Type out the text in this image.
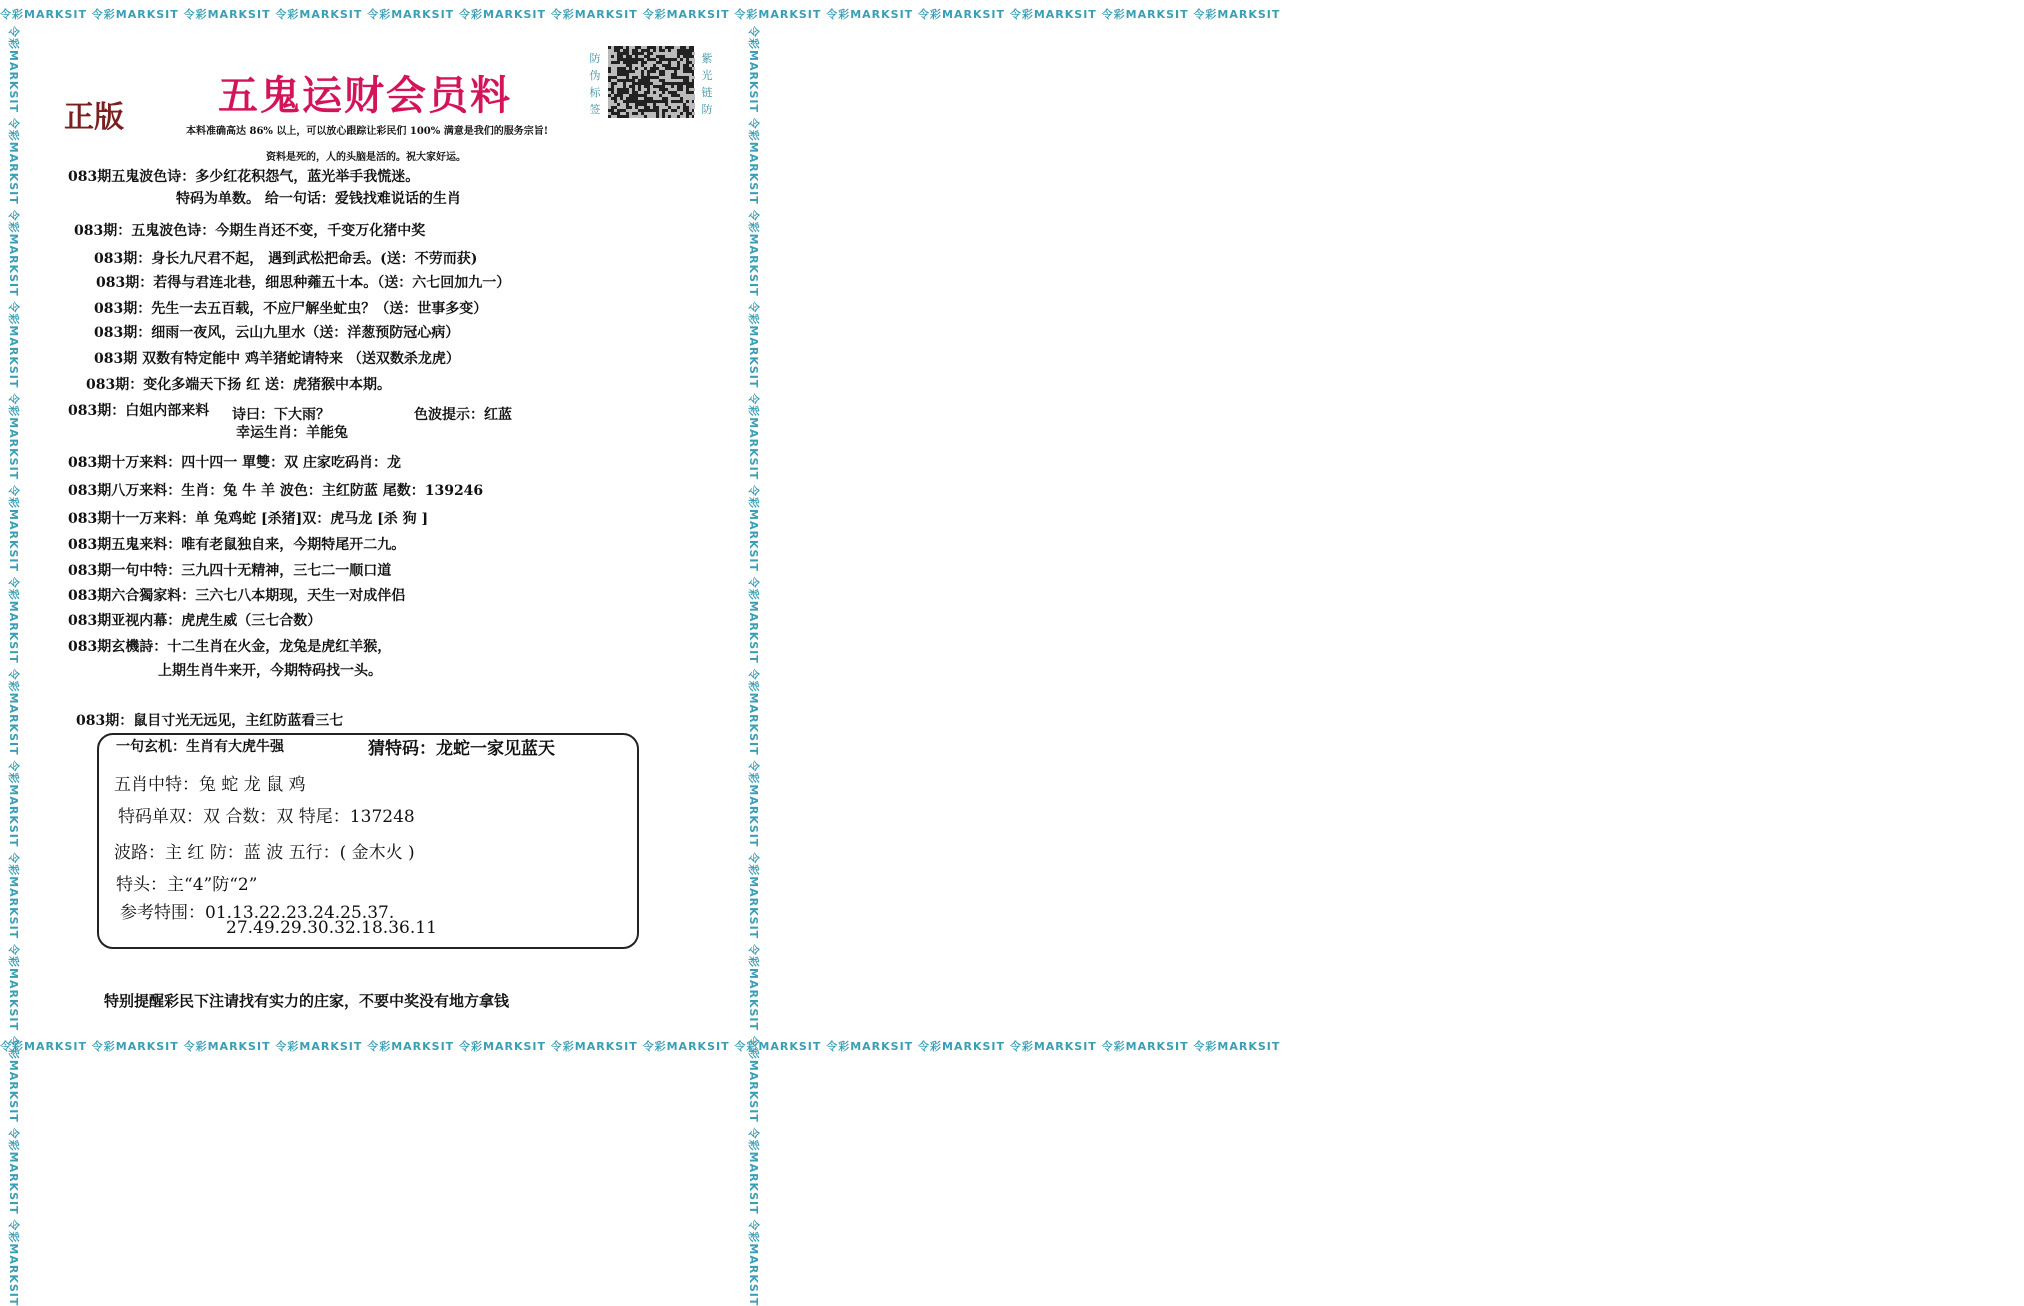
令彩MARKSIT 令彩MARKSIT 令彩MARKSIT 令彩MARKSIT 令彩MARKSIT 令彩MARKSIT 令彩MARKSIT 令彩MARKSIT 令彩MARKSIT 令彩MARKSIT 令彩MARKSIT 令彩MARKSIT 令彩MARKSIT 令彩MARKSIT
令彩MARKSIT 令彩MARKSIT 令彩MARKSIT 令彩MARKSIT 令彩MARKSIT 令彩MARKSIT 令彩MARKSIT 令彩MARKSIT 令彩MARKSIT 令彩MARKSIT 令彩MARKSIT 令彩MARKSIT 令彩MARKSIT 令彩MARKSIT
令彩MARKSIT 令彩MARKSIT 令彩MARKSIT 令彩MARKSIT 令彩MARKSIT 令彩MARKSIT 令彩MARKSIT 令彩MARKSIT 令彩MARKSIT 令彩MARKSIT 令彩MARKSIT 令彩MARKSIT 令彩MARKSIT 令彩MARKSIT	令彩MARKSIT 令彩MARKSIT 令彩MARKSIT 令彩MARKSIT 令彩MARKSIT 令彩MARKSIT 令彩MARKSIT 令彩MARKSIT 令彩MARKSIT 令彩MARKSIT 令彩MARKSIT 令彩MARKSIT 令彩MARKSIT 令彩MARKSIT
正版 五鬼运财会员料
本料准确高达 86% 以上，可以放心跟踪让彩民们 100% 满意是我们的服务宗旨!
资料是死的，人的头脑是活的。祝大家好运。
防伪标签
紫光链防
083期五鬼波色诗：多少红花积怨气，蓝光举手我慌迷。
特码为单数。 给一句话：爱钱找难说话的生肖
083期：五鬼波色诗：今期生肖还不变，千变万化猪中奖
083期：身长九尺君不起， 遇到武松把命丢。(送：不劳而获)
083期：若得与君连北巷，细思种蕹五十本。（送：六七回加九一）
083期：先生一去五百载，不应尸解坐虻虫？（送：世事多变）
083期：细雨一夜风，云山九里水（送：洋葱预防冠心病）
083期 双数有特定能中 鸡羊猪蛇请特来 （送双数杀龙虎）
083期：变化多端天下扬 红 送：虎猪猴中本期。
083期：白姐内部来料 诗曰：下大雨？	色波提示：红蓝
幸运生肖：羊能兔
083期十万来料：四十四一 單雙：双 庄家吃码肖：龙
083期八万来料：生肖：兔 牛 羊 波色：主红防蓝 尾数：139246
083期十一万来料：单 兔鸡蛇 [杀猪]双：虎马龙 [杀 狗 ]
083期五鬼来料：唯有老鼠独自来，今期特尾开二九。
083期一句中特：三九四十无精神，三七二一顺口道
083期六合獨家料：三六七八本期现，天生一对成伴侣
083期亚视内幕：虎虎生威（三七合数）
083期玄機詩：十二生肖在火金，龙兔是虎红羊猴，
上期生肖牛来开，今期特码找一头。
083期：鼠目寸光无远见，主红防蓝看三七
一句玄机：生肖有大虎牛强	猜特码：龙蛇一家见蓝天
五肖中特：兔 蛇 龙 鼠 鸡
特码单双：双 合数：双 特尾：137248
波路：主 红 防：蓝 波 五行：( 金木火 )
特头：主“4”防“2”
参考特围：01.13.22.23.24.25.37.
27.49.29.30.32.18.36.11
特别提醒彩民下注请找有实力的庄家，不要中奖没有地方拿钱
